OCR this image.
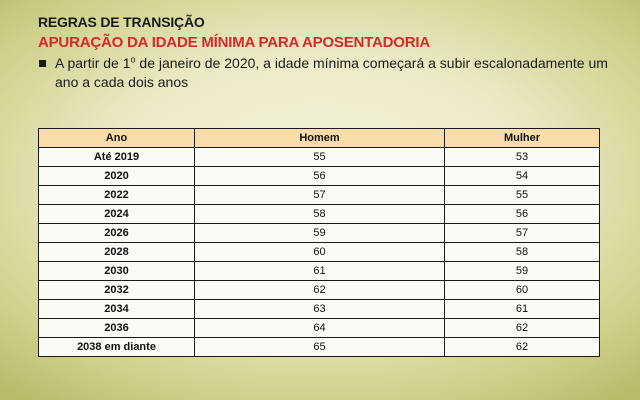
REGRAS DE TRANSIÇÃO

APURAÇÃO DA IDADE MÍNIMA PARA APOSENTADORIA

A partir de 1$^o$ de janeiro de 2020, a idade mínima começará a subir escalonadamente um ano a cada dois anos
Ano	Homem	Mulher
Até 2019	55	53
2020	56	54
2022	57	55
2024	58	56
2026	59	57
2028	60	58
2030	61	59
2032	62	60
2034	63	61
2036	64	62
2038 em diante	65	62
